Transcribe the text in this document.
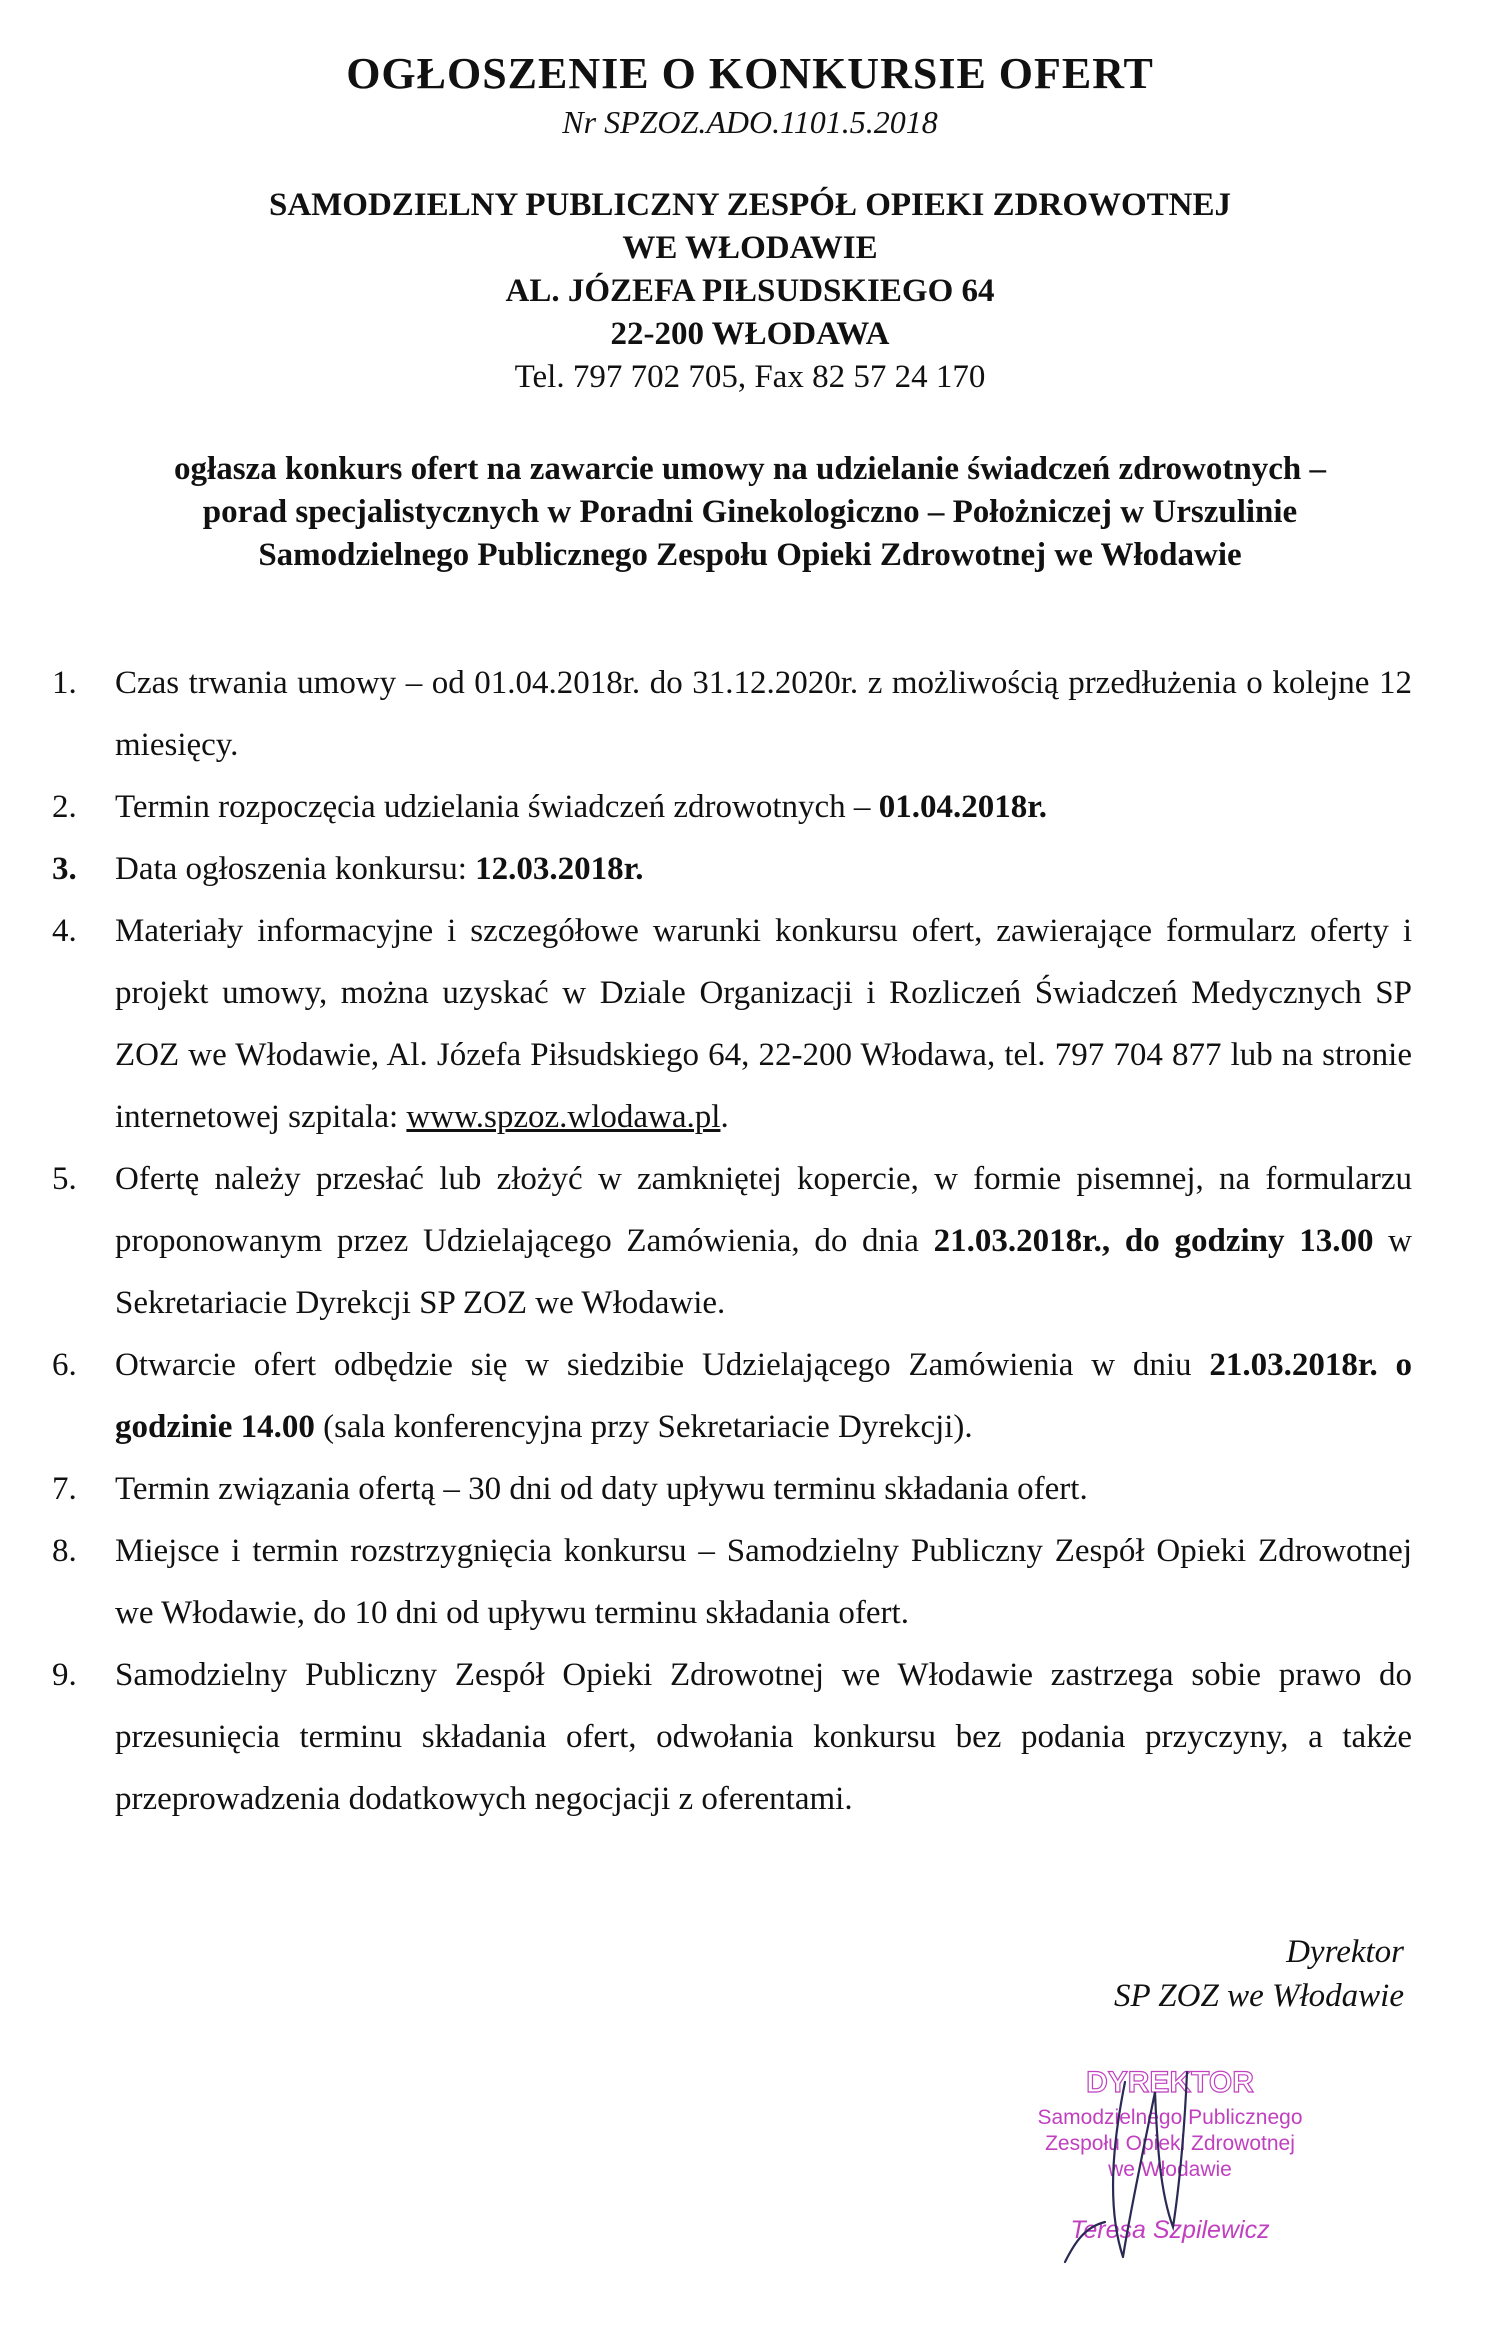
OGŁOSZENIE O KONKURSIE OFERT
Nr SPZOZ.ADO.1101.5.2018
SAMODZIELNY PUBLICZNY ZESPÓŁ OPIEKI ZDROWOTNEJ
WE WŁODAWIE
AL. JÓZEFA PIŁSUDSKIEGO 64
22-200 WŁODAWA
Tel. 797 702 705, Fax 82 57 24 170
ogłasza konkurs ofert na zawarcie umowy na udzielanie świadczeń zdrowotnych –
porad specjalistycznych w Poradni Ginekologiczno – Położniczej w Urszulinie
Samodzielnego Publicznego Zespołu Opieki Zdrowotnej we Włodawie
1. Czas trwania umowy – od 01.04.2018r. do 31.12.2020r. z możliwością przedłużenia o kolejne 12 miesięcy.
2. Termin rozpoczęcia udzielania świadczeń zdrowotnych – 01.04.2018r.
3. Data ogłoszenia konkursu: 12.03.2018r.
4. Materiały informacyjne i szczegółowe warunki konkursu ofert, zawierające formularz oferty i projekt umowy, można uzyskać w Dziale Organizacji i Rozliczeń Świadczeń Medycznych SP ZOZ we Włodawie, Al. Józefa Piłsudskiego 64, 22-200 Włodawa, tel. 797 704 877 lub na stronie internetowej szpitala: www.spzoz.wlodawa.pl.
5. Ofertę należy przesłać lub złożyć w zamkniętej kopercie, w formie pisemnej, na formularzu proponowanym przez Udzielającego Zamówienia, do dnia 21.03.2018r., do godziny 13.00 w Sekretariacie Dyrekcji SP ZOZ we Włodawie.
6. Otwarcie ofert odbędzie się w siedzibie Udzielającego Zamówienia w dniu 21.03.2018r. o godzinie 14.00 (sala konferencyjna przy Sekretariacie Dyrekcji).
7. Termin związania ofertą – 30 dni od daty upływu terminu składania ofert.
8. Miejsce i termin rozstrzygnięcia konkursu – Samodzielny Publiczny Zespół Opieki Zdrowotnej we Włodawie, do 10 dni od upływu terminu składania ofert.
9. Samodzielny Publiczny Zespół Opieki Zdrowotnej we Włodawie zastrzega sobie prawo do przesunięcia terminu składania ofert, odwołania konkursu bez podania przyczyny, a także przeprowadzenia dodatkowych negocjacji z oferentami.
Dyrektor
SP ZOZ we Włodawie
DYREKTOR
Samodzielnego Publicznego
Zespołu Opieki Zdrowotnej
we Włodawie
Teresa Szpilewicz
